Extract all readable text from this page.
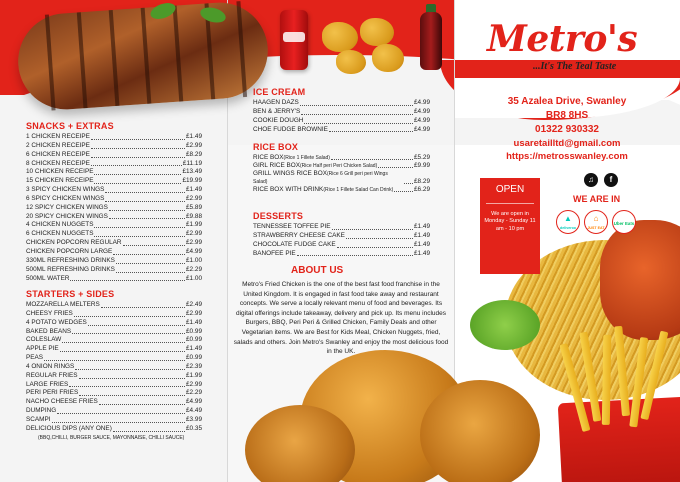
SNACKS + EXTRAS
1 CHICKEN RECEIPE	£1.49
2 CHICKEN RECEIPE	£2.99
6 CHICKEN RECEIPE	£8.29
8 CHICKEN RECEIPE	£11.19
10 CHICKEN RECEIPE	£13.49
15 CHICKEN RECEIPE	£19.99
3 SPICY CHICKEN WINGS	£1.49
6 SPICY CHICKEN WINGS	£2.99
12 SPICY CHICKEN WINGS	£5.89
20 SPICY CHICKEN WINGS	£9.88
4 CHICKEN NUGGETS	£1.99
6 CHICKEN NUGGETS	£2.99
CHICKEN POPCORN REGULAR	£2.99
CHICKEN POPCORN LARGE	£4.99
330ML REFRESHING DRINKS	£1.00
500ML REFRESHING DRINKS	£2.29
500ML WATER	£1.00
STARTERS + SIDES
MOZZARELLA MELTERS	£2.49
CHEESY FRIES	£2.99
4 POTATO WEDGES	£1.49
BAKED BEANS	£0.99
COLESLAW	£0.99
APPLE PIE	£1.49
PEAS	£0.99
4 ONION RINGS	£2.39
REGULAR FRIES	£1.99
LARGE FRIES	£2.99
PERI PERI FRIES	£2.29
NACHO CHEESE FRIES	£4.99
DUMPING	£4.49
SCAMPI	£3.99
DELICIOUS DIPS (ANY ONE)	£0.35
(BBQ,CHILLI, BURGER SAUCE, MAYONNAISE, CHILLI SAUCE)
ICE CREAM
HAAGEN DAZS	£4.99
BEN & JERRY'S	£4.99
COOKIE DOUGH	£4.99
CHOE FUDGE BROWNIE	£4.99
RICE BOX
RICE BOX(Rice 1 Fillete Salad)	£5.29
GIRL RICE BOX(Rice Half peri Peri Chicken Salad)	£9.99
GRILL WINGS RICE BOX(Rice 6 Grill peri peri Wings Salad)	£8.29
RICE BOX WITH DRINK(Rice 1 Fillete Salad Can Drink)	£6.29
DESSERTS
TENNESSEE TOFFEE PIE	£1.49
STRAWBERRY CHEESE CAKE	£1.49
CHOCOLATE FUDGE CAKE	£1.49
BANOFEE PIE	£1.49
ABOUT US
Metro's Fried Chicken is the one of the best fast food franchise in the United Kingdom. It is engaged in fast food take away and restaurant concepts. We serve a locally relevant menu of food and beverages. Its digital offerings include takeaway, delivery and pick up. Its menu includes Burgers, BBQ, Peri Peri & Grilled Chicken, Family Deals and other Vegetarian items. We are Best for Kids Meal, Chicken Nuggets, fried, salads and others. Join Metro's Swanley and enjoy the most delicious food in the UK.
Metro's
...It's The Teal Taste
35 Azalea Drive, Swanley
BR8 8HS
01322 930332
usaretailltd@gmail.com
https://metrosswanley.com
OPEN
We are open in Monday - Sunday 11 am - 10 pm
♫	f
WE ARE IN
▲
deliveroo
⌂
JUST EAT
Uber Eats
